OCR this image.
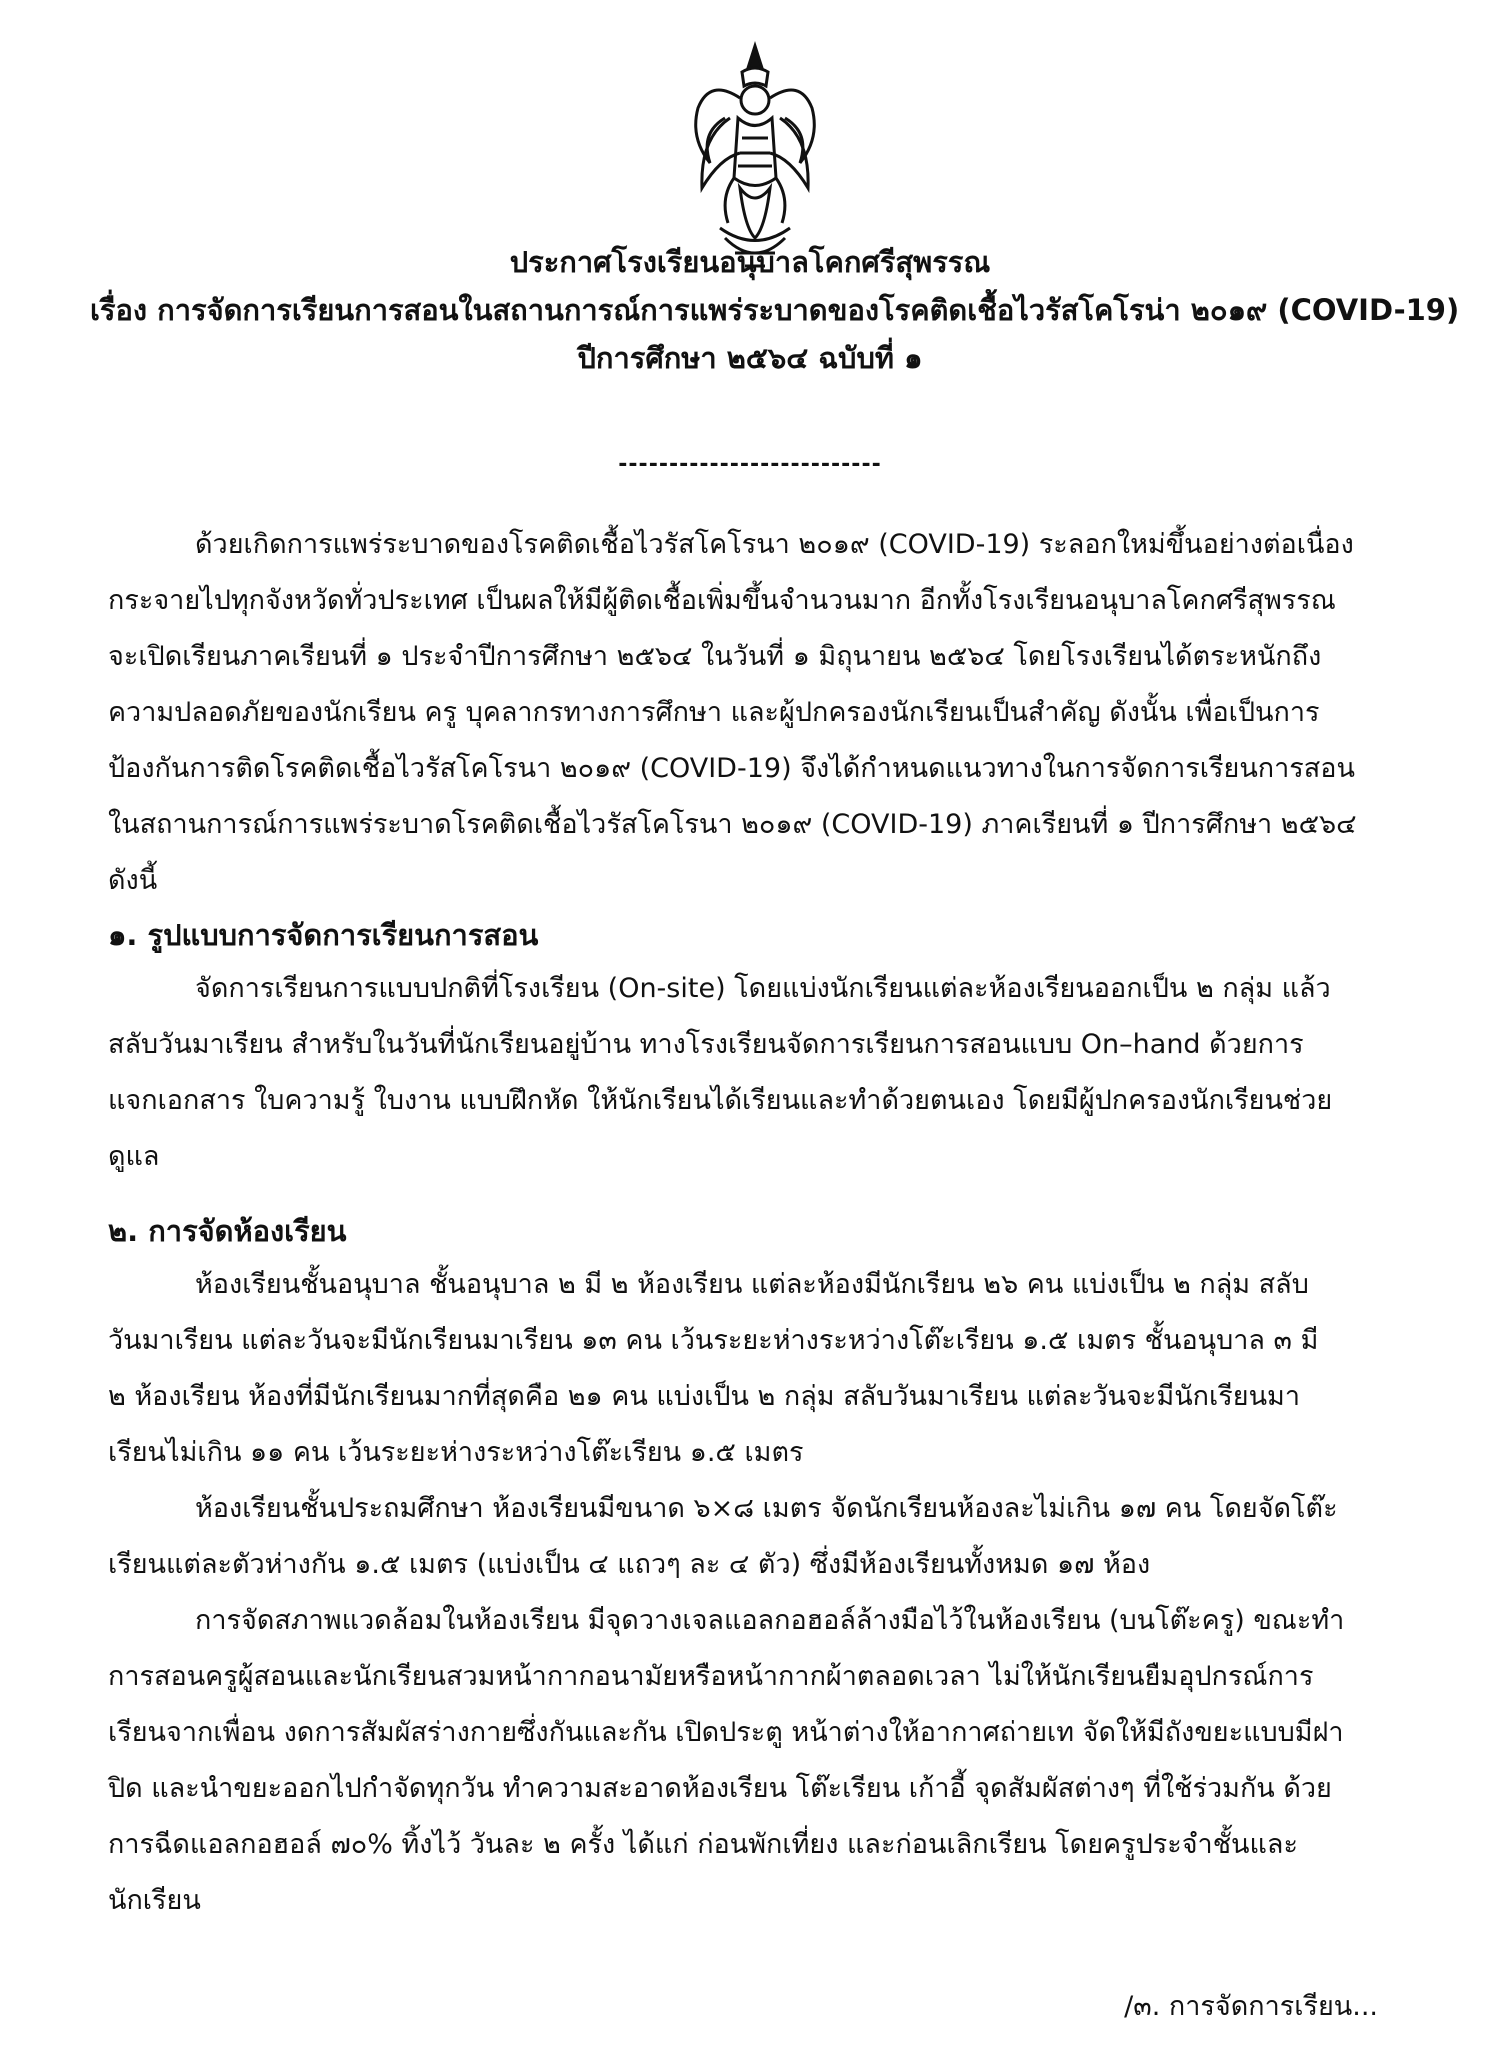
ประกาศโรงเรียนอนุบาลโคกศรีสุพรรณ
เรื่อง การจัดการเรียนการสอนในสถานการณ์การแพร่ระบาดของโรคติดเชื้อไวรัสโคโรน่า ๒๐๑๙ (COVID-19)
ปีการศึกษา ๒๕๖๔ ฉบับที่ ๑
--------------------------
ด้วยเกิดการแพร่ระบาดของโรคติดเชื้อไวรัสโคโรนา ๒๐๑๙ (COVID-19) ระลอกใหม่ขึ้นอย่างต่อเนื่อง
กระจายไปทุกจังหวัดทั่วประเทศ เป็นผลให้มีผู้ติดเชื้อเพิ่มขึ้นจำนวนมาก อีกทั้งโรงเรียนอนุบาลโคกศรีสุพรรณ
จะเปิดเรียนภาคเรียนที่ ๑ ประจำปีการศึกษา ๒๕๖๔ ในวันที่ ๑ มิถุนายน ๒๕๖๔ โดยโรงเรียนได้ตระหนักถึง
ความปลอดภัยของนักเรียน ครู บุคลากรทางการศึกษา และผู้ปกครองนักเรียนเป็นสำคัญ ดังนั้น เพื่อเป็นการ
ป้องกันการติดโรคติดเชื้อไวรัสโคโรนา ๒๐๑๙ (COVID-19) จึงได้กำหนดแนวทางในการจัดการเรียนการสอน
ในสถานการณ์การแพร่ระบาดโรคติดเชื้อไวรัสโคโรนา ๒๐๑๙ (COVID-19) ภาคเรียนที่ ๑ ปีการศึกษา ๒๕๖๔
ดังนี้
๑. รูปแบบการจัดการเรียนการสอน
จัดการเรียนการแบบปกติที่โรงเรียน (On-site) โดยแบ่งนักเรียนแต่ละห้องเรียนออกเป็น ๒ กลุ่ม แล้ว
สลับวันมาเรียน สำหรับในวันที่นักเรียนอยู่บ้าน ทางโรงเรียนจัดการเรียนการสอนแบบ On–hand ด้วยการ
แจกเอกสาร ใบความรู้ ใบงาน แบบฝึกหัด ให้นักเรียนได้เรียนและทำด้วยตนเอง โดยมีผู้ปกครองนักเรียนช่วย
ดูแล
๒. การจัดห้องเรียน
ห้องเรียนชั้นอนุบาล ชั้นอนุบาล ๒ มี ๒ ห้องเรียน แต่ละห้องมีนักเรียน ๒๖ คน แบ่งเป็น ๒ กลุ่ม สลับ
วันมาเรียน แต่ละวันจะมีนักเรียนมาเรียน ๑๓ คน เว้นระยะห่างระหว่างโต๊ะเรียน ๑.๕ เมตร ชั้นอนุบาล ๓ มี
๒ ห้องเรียน ห้องที่มีนักเรียนมากที่สุดคือ ๒๑ คน แบ่งเป็น ๒ กลุ่ม สลับวันมาเรียน แต่ละวันจะมีนักเรียนมา
เรียนไม่เกิน ๑๑ คน เว้นระยะห่างระหว่างโต๊ะเรียน ๑.๕ เมตร
ห้องเรียนชั้นประถมศึกษา ห้องเรียนมีขนาด ๖×๘ เมตร จัดนักเรียนห้องละไม่เกิน ๑๗ คน โดยจัดโต๊ะ
เรียนแต่ละตัวห่างกัน ๑.๕ เมตร (แบ่งเป็น ๔ แถวๆ ละ ๔ ตัว) ซึ่งมีห้องเรียนทั้งหมด ๑๗ ห้อง
การจัดสภาพแวดล้อมในห้องเรียน มีจุดวางเจลแอลกอฮอล์ล้างมือไว้ในห้องเรียน (บนโต๊ะครู) ขณะทำ
การสอนครูผู้สอนและนักเรียนสวมหน้ากากอนามัยหรือหน้ากากผ้าตลอดเวลา ไม่ให้นักเรียนยืมอุปกรณ์การ
เรียนจากเพื่อน งดการสัมผัสร่างกายซึ่งกันและกัน เปิดประตู หน้าต่างให้อากาศถ่ายเท จัดให้มีถังขยะแบบมีฝา
ปิด และนำขยะออกไปกำจัดทุกวัน ทำความสะอาดห้องเรียน โต๊ะเรียน เก้าอี้ จุดสัมผัสต่างๆ ที่ใช้ร่วมกัน ด้วย
การฉีดแอลกอฮอล์ ๗๐% ทิ้งไว้ วันละ ๒ ครั้ง ได้แก่ ก่อนพักเที่ยง และก่อนเลิกเรียน โดยครูประจำชั้นและ
นักเรียน
/๓. การจัดการเรียน...
